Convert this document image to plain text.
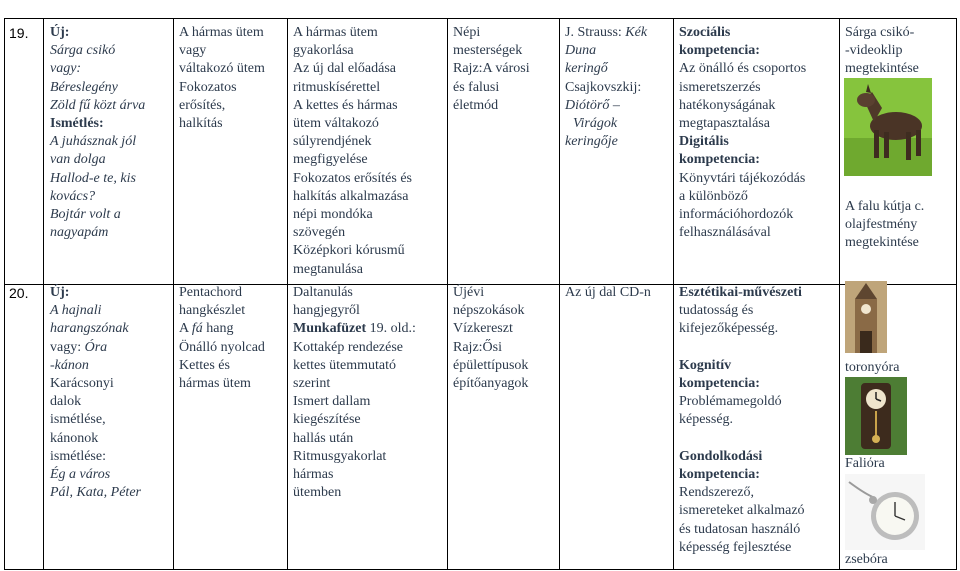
19. Új:
Sárga csikó
vagy:
Béreslegény
Zöld fű közt árva
Ismétlés:
A juhásznak jól
van dolga
Hallod-e te, kis
kovács?
Bojtár volt a
nagyapám
A hármas ütem
vagy
váltakozó ütem
Fokozatos
erősítés,
halkítás
A hármas ütem
gyakorlása
Az új dal előadása
ritmuskísérettel
A kettes és hármas
ütem váltakozó
súlyrendjének
megfigyelése
Fokozatos erősítés és
halkítás alkalmazása
népi mondóka
szövegén
Középkori kórusmű
megtanulása
Népi
mesterségek
Rajz:A városi
és falusi
életmód
J. Strauss: Kék
Duna
keringő
Csajkovszkij:
Diótörő –
Virágok
keringője
Szociális
kompetencia:
Az önálló és csoportos
ismeretszerzés
hatékonyságának
megtapasztalása
Digitális
kompetencia:
Könyvtári tájékozódás
a különböző
információhordozók
felhasználásával
Sárga csikó-
-videoklip
megtekintése
A falu kútja c.
olajfestmény
megtekintése
20. Új:
A hajnali
harangszónak
vagy: Óra
-kánon
Karácsonyi
dalok
ismétlése,
kánonok
ismétlése:
Ég a város
Pál, Kata, Péter
Pentachord
hangkészlet
A fá hang
Önálló nyolcad
Kettes és
hármas ütem
Daltanulás
hangjegyről
Munkafüzet 19. old.:
Kottakép rendezése
kettes ütemmutató
szerint
Ismert dallam
kiegészítése
hallás után
Ritmusgyakorlat
hármas
ütemben
Újévi
népszokások
Vízkereszt
Rajz:Ősi
épülettípusok
építőanyagok
Az új dal CD-n Esztétikai-művészeti
tudatosság és
kifejezőképesség.
Kognitív
kompetencia:
Problémamegoldó
képesség.
Gondolkodási
kompetencia:
Rendszerező,
ismereteket alkalmazó
és tudatosan használó
képesség fejlesztése
toronyóra
Faliόra
zsebóra
